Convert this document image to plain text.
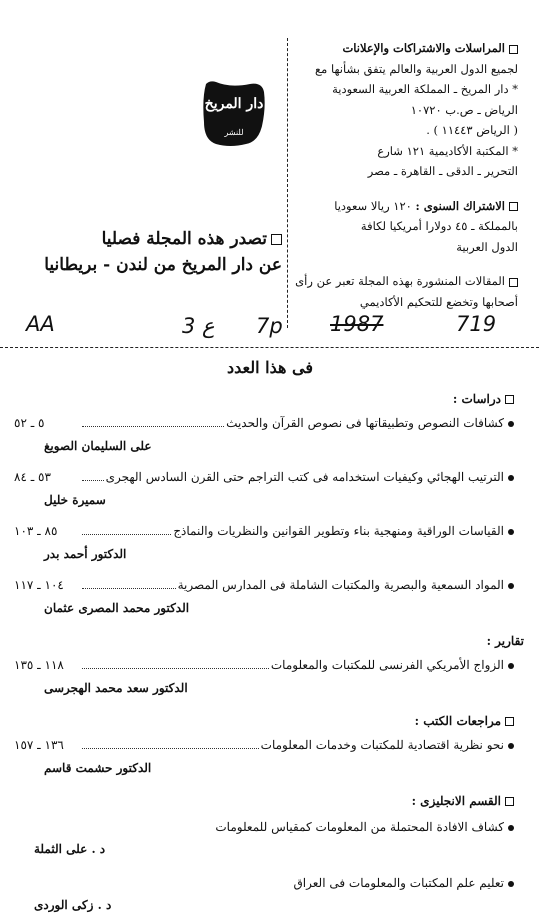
المراسلات والاشتراكات والإعلانات
لجميع الدول العربية والعالم يتفق بشأنها مع
* دار المريخ ـ المملكة العربية السعودية
الرياض ـ ص.ب ١٠٧٢٠
( الرياض ١١٤٤٣ ) .
* المكتبة الأكاديمية ١٢١ شارع
التحرير ـ الدقى ـ القاهرة ـ مصر
الاشتراك السنوى : ١٢٠ ريالا سعوديا
بالمملكة ـ ٤٥ دولارا أمريكيا لكافة
الدول العربية
المقالات المنشورة بهذه المجلة تعبر عن رأى
أصحابها وتخضع للتحكيم الأكاديمي
دار المريخ
للنشر
تصدر هذه المجلة فصليا
عن دار المريخ من لندن - بريطانيا
AA	3 ع 7p 1987	719
فى هذا العدد
دراسات :
كشافات النصوص وتطبيقاتها فى نصوص القرآن والحديث
٥ ـ ٥٢
على السليمان الصويغ
الترتيب الهجائي وكيفيات استخدامه فى كتب التراجم حتى القرن السادس الهجرى
٥٣ ـ ٨٤
سميرة خليل
القياسات الوراقية ومنهجية بناء وتطوير القوانين والنظريات والنماذج
٨٥ ـ ١٠٣
الدكتور أحمد بدر
المواد السمعية والبصرية والمكتبات الشاملة فى المدارس المصرية
١٠٤ ـ ١١٧
الدكتور محمد المصرى عثمان
تقارير :
الزواج الأمريكي الفرنسى للمكتبات والمعلومات
١١٨ ـ ١٣٥
الدكتور سعد محمد الهجرسى
مراجعات الكتب :
نحو نظرية اقتصادية للمكتبات وخدمات المعلومات
١٣٦ ـ ١٥٧
الدكتور حشمت قاسم
القسم الانجليزى :
كشاف الافادة المحتملة من المعلومات كمقياس للمعلومات
د . على الثملة
تعليم علم المكتبات والمعلومات فى العراق
د . زكى الوردى
